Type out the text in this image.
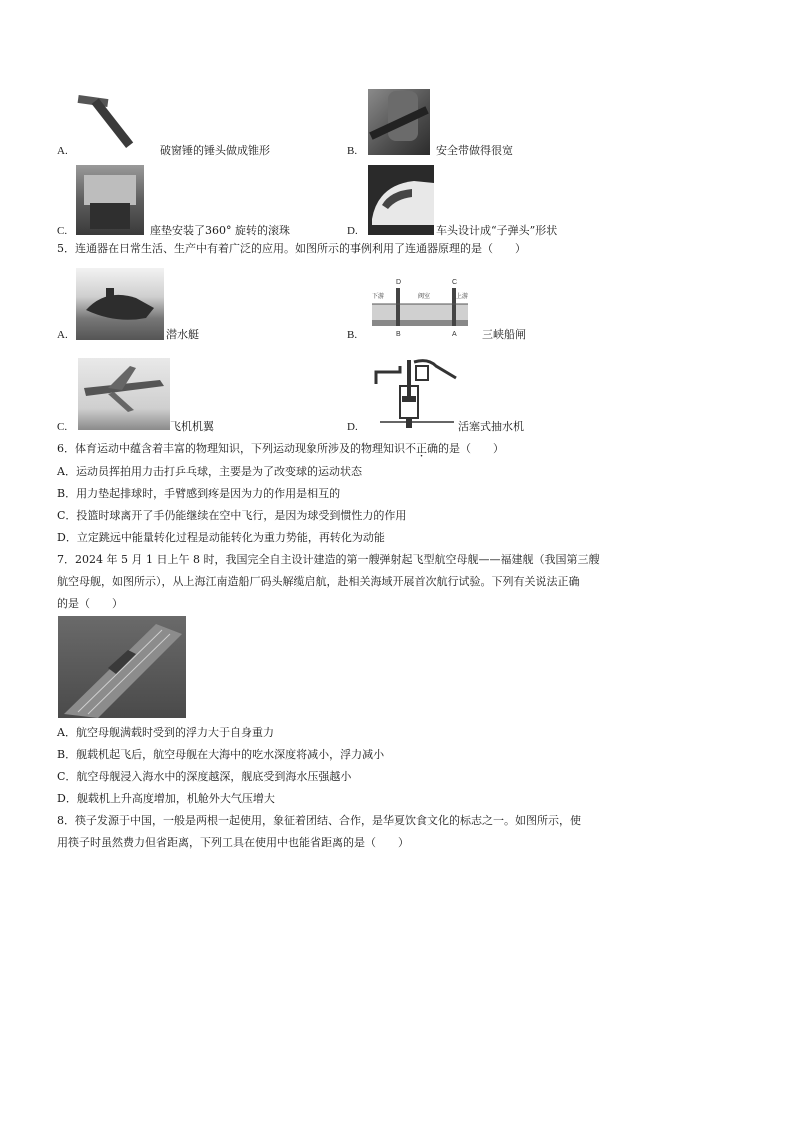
A.	破窗锤的锤头做成锥形	B.	安全带做得很宽
C.	座垫安装了360° 旋转的滚珠	D.	车头设计成“子弹头”形状
5．连通器在日常生活、生产中有着广泛的应用。如图所示的事例利用了连通器原理的是（　　）
A.	潜水艇	B.
D	C
B	A
阀室
下游	上游
三峡船闸
C.	飞机机翼	D.	活塞式抽水机
6．体育运动中蕴含着丰富的物理知识，下列运动现象所涉及的物理知识不正确的是（　　）
A．运动员挥拍用力击打乒乓球，主要是为了改变球的运动状态
B．用力垫起排球时，手臂感到疼是因为力的作用是相互的
C．投篮时球离开了手仍能继续在空中飞行，是因为球受到惯性力的作用
D．立定跳远中能量转化过程是动能转化为重力势能，再转化为动能
7．2024 年 5 月 1 日上午 8 时，我国完全自主设计建造的第一艘弹射起飞型航空母舰——福建舰（我国第三艘
航空母舰，如图所示），从上海江南造船厂码头解缆启航，赴相关海域开展首次航行试验。下列有关说法正确
的是（　　）
A．航空母舰满载时受到的浮力大于自身重力
B．舰载机起飞后，航空母舰在大海中的吃水深度将减小，浮力减小
C．航空母舰浸入海水中的深度越深，舰底受到海水压强越小
D．舰载机上升高度增加，机舱外大气压增大
8．筷子发源于中国，一般是两根一起使用，象征着团结、合作，是华夏饮食文化的标志之一。如图所示，使
用筷子时虽然费力但省距离，下列工具在使用中也能省距离的是（　　）
